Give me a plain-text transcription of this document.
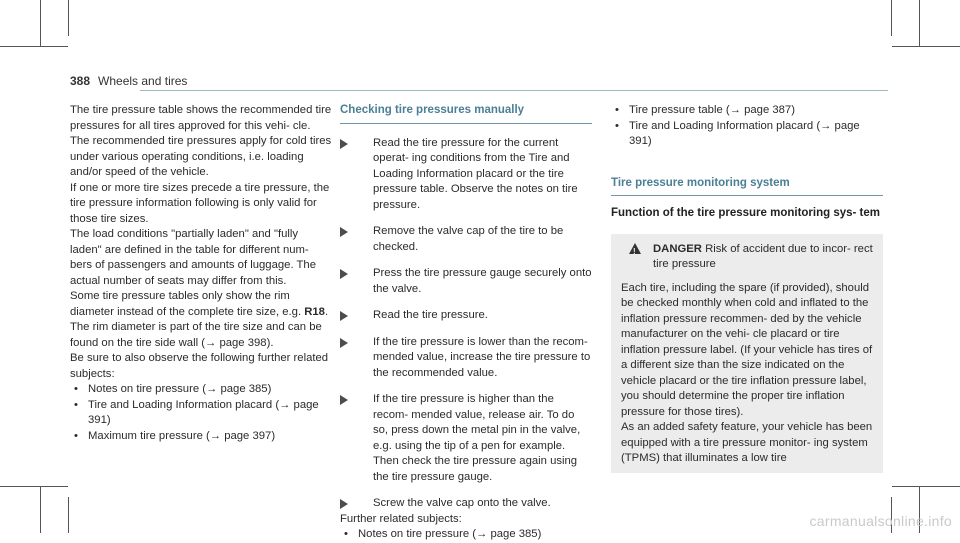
388 Wheels and tires

The tire pressure table shows the recommended tire pressures for all tires approved for this vehi- cle. The recommended tire pressures apply for cold tires under various operating conditions, i.e. loading and/or speed of the vehicle.

If one or more tire sizes precede a tire pressure, the tire pressure information following is only valid for those tire sizes.

The load conditions "partially laden" and "fully laden" are defined in the table for different num- bers of passengers and amounts of luggage. The actual number of seats may differ from this.

Some tire pressure tables only show the rim diameter instead of the complete tire size, e.g. R18. The rim diameter is part of the tire size and can be found on the tire side wall (→ page 398).

Be sure to also observe the following further related subjects:

• Notes on tire pressure (→ page 385)
• Tire and Loading Information placard (→ page 391)
• Maximum tire pressure (→ page 397)
Checking tire pressures manually
Read the tire pressure for the current operat- ing conditions from the Tire and Loading Information placard or the tire pressure table. Observe the notes on tire pressure.
Remove the valve cap of the tire to be checked.
Press the tire pressure gauge securely onto the valve.
Read the tire pressure.
If the tire pressure is lower than the recom- mended value, increase the tire pressure to the recommended value.
If the tire pressure is higher than the recom- mended value, release air. To do so, press down the metal pin in the valve, e.g. using the tip of a pen for example. Then check the tire pressure again using the tire pressure gauge.
Screw the valve cap onto the valve.

Further related subjects:

• Notes on tire pressure (→ page 385)
• Tire pressure table (→ page 387)
• Tire and Loading Information placard (→ page 391)
Tire pressure monitoring system
Function of the tire pressure monitoring sys- tem
!
DANGER Risk of accident due to incor- rect tire pressure

Each tire, including the spare (if provided), should be checked monthly when cold and inflated to the inflation pressure recommen- ded by the vehicle manufacturer on the vehi- cle placard or tire inflation pressure label. (If your vehicle has tires of a different size than the size indicated on the vehicle placard or the tire inflation pressure label, you should determine the proper tire inflation pressure for those tires).

As an added safety feature, your vehicle has been equipped with a tire pressure monitor- ing system (TPMS) that illuminates a low tire

carmanualsonline.info
